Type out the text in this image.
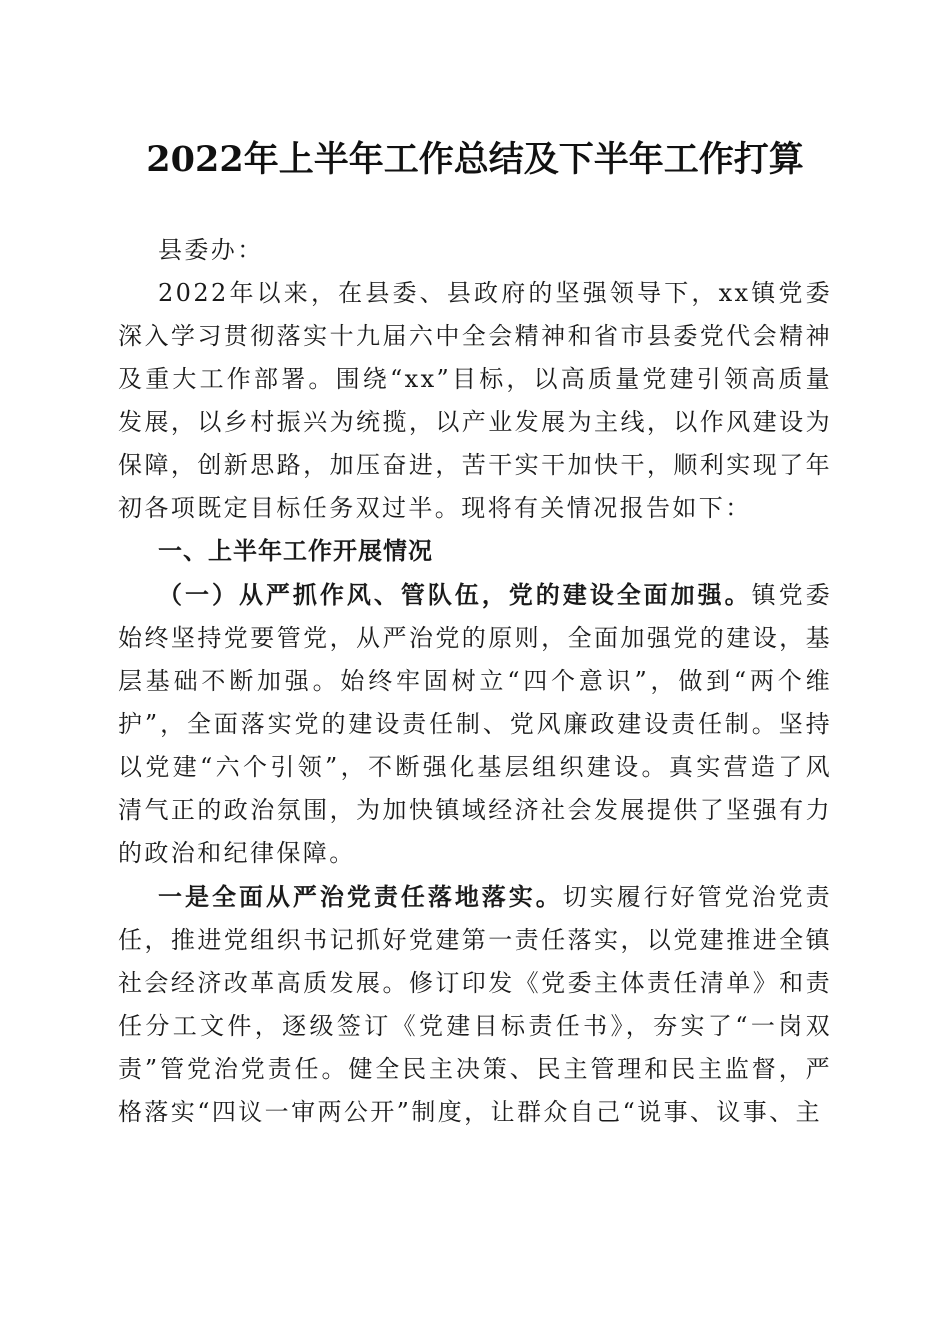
2022年上半年工作总结及下半年工作打算

县委办：

2022年以来，在县委、县政府的坚强领导下，xx镇党委深入学习贯彻落实十九届六中全会精神和省市县委党代会精神及重大工作部署。围绕“xx”目标，以高质量党建引领高质量发展，以乡村振兴为统揽，以产业发展为主线，以作风建设为保障，创新思路，加压奋进，苦干实干加快干，顺利实现了年初各项既定目标任务双过半。现将有关情况报告如下：

一、上半年工作开展情况

（一）从严抓作风、管队伍，党的建设全面加强。镇党委始终坚持党要管党，从严治党的原则，全面加强党的建设，基层基础不断加强。始终牢固树立“四个意识”，做到“两个维护”，全面落实党的建设责任制、党风廉政建设责任制。坚持以党建“六个引领”，不断强化基层组织建设。真实营造了风清气正的政治氛围，为加快镇域经济社会发展提供了坚强有力的政治和纪律保障。

一是全面从严治党责任落地落实。切实履行好管党治党责任，推进党组织书记抓好党建第一责任落实，以党建推进全镇社会经济改革高质发展。修订印发《党委主体责任清单》和责任分工文件，逐级签订《党建目标责任书》，夯实了“一岗双责”管党治党责任。健全民主决策、民主管理和民主监督，严格落实“四议一审两公开”制度，让群众自己“说事、议事、主
